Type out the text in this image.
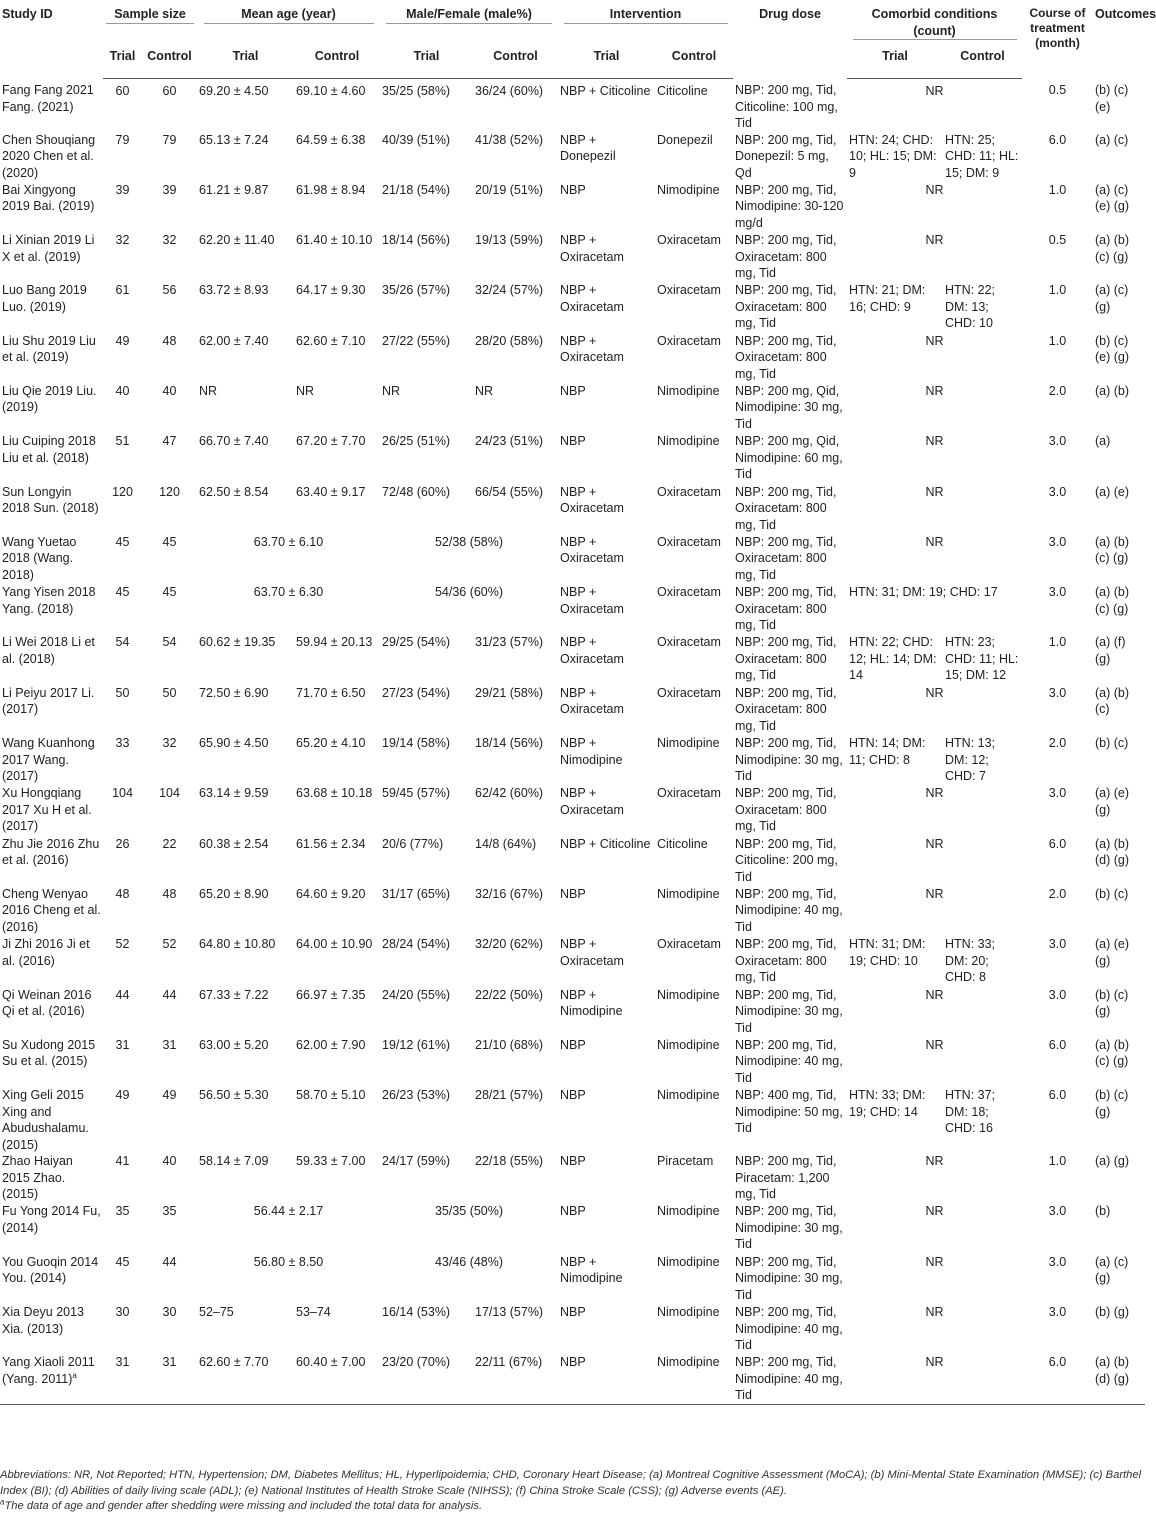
Study ID	Sample size		Mean age (year)		Male/Female (male%)		Intervention		Drug dose	Comorbid conditions (count)		Course of treatment (month)	Outcomes
	Trial	Control	Trial	Control	Trial	Control	Trial	Control		Trial	Control		
Fang Fang 2021 Fang. (2021)	60	60	69.20 ± 4.50	69.10 ± 4.60	35/25 (58%)	36/24 (60%)	NBP + Citicoline	Citicoline	NBP: 200 mg, Tid, Citicoline: 100 mg, Tid	NR		0.5	(b) (c) (e)
Chen Shouqiang 2020 Chen et al. (2020)	79	79	65.13 ± 7.24	64.59 ± 6.38	40/39 (51%)	41/38 (52%)	NBP + Donepezil	Donepezil	NBP: 200 mg, Tid, Donepezil: 5 mg, Qd	HTN: 24; CHD: 10; HL: 15; DM: 9	HTN: 25; CHD: 11; HL: 15; DM: 9	6.0	(a) (c)
Bai Xingyong 2019 Bai. (2019)	39	39	61.21 ± 9.87	61.98 ± 8.94	21/18 (54%)	20/19 (51%)	NBP	Nimodipine	NBP: 200 mg, Tid, Nimodipine: 30-120 mg/d	NR		1.0	(a) (c) (e) (g)
Li Xinian 2019 Li X et al. (2019)	32	32	62.20 ± 11.40	61.40 ± 10.10	18/14 (56%)	19/13 (59%)	NBP + Oxiracetam	Oxiracetam	NBP: 200 mg, Tid, Oxiracetam: 800 mg, Tid	NR		0.5	(a) (b) (c) (g)
Luo Bang 2019 Luo. (2019)	61	56	63.72 ± 8.93	64.17 ± 9.30	35/26 (57%)	32/24 (57%)	NBP + Oxiracetam	Oxiracetam	NBP: 200 mg, Tid, Oxiracetam: 800 mg, Tid	HTN: 21; DM: 16; CHD: 9	HTN: 22; DM: 13; CHD: 10	1.0	(a) (c) (g)
Liu Shu 2019 Liu et al. (2019)	49	48	62.00 ± 7.40	62.60 ± 7.10	27/22 (55%)	28/20 (58%)	NBP + Oxiracetam	Oxiracetam	NBP: 200 mg, Tid, Oxiracetam: 800 mg, Tid	NR		1.0	(b) (c) (e) (g)
Liu Qie 2019 Liu. (2019)	40	40	NR	NR	NR	NR	NBP	Nimodipine	NBP: 200 mg, Qid, Nimodipine: 30 mg, Tid	NR		2.0	(a) (b)
Liu Cuiping 2018 Liu et al. (2018)	51	47	66.70 ± 7.40	67.20 ± 7.70	26/25 (51%)	24/23 (51%)	NBP	Nimodipine	NBP: 200 mg, Qid, Nimodipine: 60 mg, Tid	NR		3.0	(a)
Sun Longyin 2018 Sun. (2018)	120	120	62.50 ± 8.54	63.40 ± 9.17	72/48 (60%)	66/54 (55%)	NBP + Oxiracetam	Oxiracetam	NBP: 200 mg, Tid, Oxiracetam: 800 mg, Tid	NR		3.0	(a) (e)
Wang Yuetao 2018 (Wang. 2018)	45	45	63.70 ± 6.10		52/38 (58%)		NBP + Oxiracetam	Oxiracetam	NBP: 200 mg, Tid, Oxiracetam: 800 mg, Tid	NR		3.0	(a) (b) (c) (g)
Yang Yisen 2018 Yang. (2018)	45	45	63.70 ± 6.30		54/36 (60%)		NBP + Oxiracetam	Oxiracetam	NBP: 200 mg, Tid, Oxiracetam: 800 mg, Tid	HTN: 31; DM: 19; CHD: 17		3.0	(a) (b) (c) (g)
Li Wei 2018 Li et al. (2018)	54	54	60.62 ± 19.35	59.94 ± 20.13	29/25 (54%)	31/23 (57%)	NBP + Oxiracetam	Oxiracetam	NBP: 200 mg, Tid, Oxiracetam: 800 mg, Tid	HTN: 22; CHD: 12; HL: 14; DM: 14	HTN: 23; CHD: 11; HL: 15; DM: 12	1.0	(a) (f) (g)
Li Peiyu 2017 Li. (2017)	50	50	72.50 ± 6.90	71.70 ± 6.50	27/23 (54%)	29/21 (58%)	NBP + Oxiracetam	Oxiracetam	NBP: 200 mg, Tid, Oxiracetam: 800 mg, Tid	NR		3.0	(a) (b) (c)
Wang Kuanhong 2017 Wang. (2017)	33	32	65.90 ± 4.50	65.20 ± 4.10	19/14 (58%)	18/14 (56%)	NBP + Nimodipine	Nimodipine	NBP: 200 mg, Tid, Nimodipine: 30 mg, Tid	HTN: 14; DM: 11; CHD: 8	HTN: 13; DM: 12; CHD: 7	2.0	(b) (c)
Xu Hongqiang 2017 Xu H et al. (2017)	104	104	63.14 ± 9.59	63.68 ± 10.18	59/45 (57%)	62/42 (60%)	NBP + Oxiracetam	Oxiracetam	NBP: 200 mg, Tid, Oxiracetam: 800 mg, Tid	NR		3.0	(a) (e) (g)
Zhu Jie 2016 Zhu et al. (2016)	26	22	60.38 ± 2.54	61.56 ± 2.34	20/6 (77%)	14/8 (64%)	NBP + Citicoline	Citicoline	NBP: 200 mg, Tid, Citicoline: 200 mg, Tid	NR		6.0	(a) (b) (d) (g)
Cheng Wenyao 2016 Cheng et al. (2016)	48	48	65.20 ± 8.90	64.60 ± 9.20	31/17 (65%)	32/16 (67%)	NBP	Nimodipine	NBP: 200 mg, Tid, Nimodipine: 40 mg, Tid	NR		2.0	(b) (c)
Ji Zhi 2016 Ji et al. (2016)	52	52	64.80 ± 10.80	64.00 ± 10.90	28/24 (54%)	32/20 (62%)	NBP + Oxiracetam	Oxiracetam	NBP: 200 mg, Tid, Oxiracetam: 800 mg, Tid	HTN: 31; DM: 19; CHD: 10	HTN: 33; DM: 20; CHD: 8	3.0	(a) (e) (g)
Qi Weinan 2016 Qi et al. (2016)	44	44	67.33 ± 7.22	66.97 ± 7.35	24/20 (55%)	22/22 (50%)	NBP + Nimodipine	Nimodipine	NBP: 200 mg, Tid, Nimodipine: 30 mg, Tid	NR		3.0	(b) (c) (g)
Su Xudong 2015 Su et al. (2015)	31	31	63.00 ± 5.20	62.00 ± 7.90	19/12 (61%)	21/10 (68%)	NBP	Nimodipine	NBP: 200 mg, Tid, Nimodipine: 40 mg, Tid	NR		6.0	(a) (b) (c) (g)
Xing Geli 2015 Xing and Abudushalamu. (2015)	49	49	56.50 ± 5.30	58.70 ± 5.10	26/23 (53%)	28/21 (57%)	NBP	Nimodipine	NBP: 400 mg, Tid, Nimodipine: 50 mg, Tid	HTN: 33; DM: 19; CHD: 14	HTN: 37; DM: 18; CHD: 16	6.0	(b) (c) (g)
Zhao Haiyan 2015 Zhao. (2015)	41	40	58.14 ± 7.09	59.33 ± 7.00	24/17 (59%)	22/18 (55%)	NBP	Piracetam	NBP: 200 mg, Tid, Piracetam: 1,200 mg, Tid	NR		1.0	(a) (g)
Fu Yong 2014 Fu, (2014)	35	35	56.44 ± 2.17		35/35 (50%)		NBP	Nimodipine	NBP: 200 mg, Tid, Nimodipine: 30 mg, Tid	NR		3.0	(b)
You Guoqin 2014 You. (2014)	45	44	56.80 ± 8.50		43/46 (48%)		NBP + Nimodipine	Nimodipine	NBP: 200 mg, Tid, Nimodipine: 30 mg, Tid	NR		3.0	(a) (c) (g)
Xia Deyu 2013 Xia. (2013)	30	30	52–75	53–74	16/14 (53%)	17/13 (57%)	NBP	Nimodipine	NBP: 200 mg, Tid, Nimodipine: 40 mg, Tid	NR		3.0	(b) (g)
Yang Xiaoli 2011 (Yang. 2011)$^a$	31	31	62.60 ± 7.70	60.40 ± 7.00	23/20 (70%)	22/11 (67%)	NBP	Nimodipine	NBP: 200 mg, Tid, Nimodipine: 40 mg, Tid	NR		6.0	(a) (b) (d) (g)

Abbreviations: NR, Not Reported; HTN, Hypertension; DM, Diabetes Mellitus; HL, Hyperlipoidemia; CHD, Coronary Heart Disease; (a) Montreal Cognitive Assessment (MoCA); (b) Mini-Mental State Examination (MMSE); (c) Barthel Index (BI); (d) Abilities of daily living scale (ADL); (e) National Institutes of Health Stroke Scale (NIHSS); (f) China Stroke Scale (CSS); (g) Adverse events (AE).

$^a$The data of age and gender after shedding were missing and included the total data for analysis.
